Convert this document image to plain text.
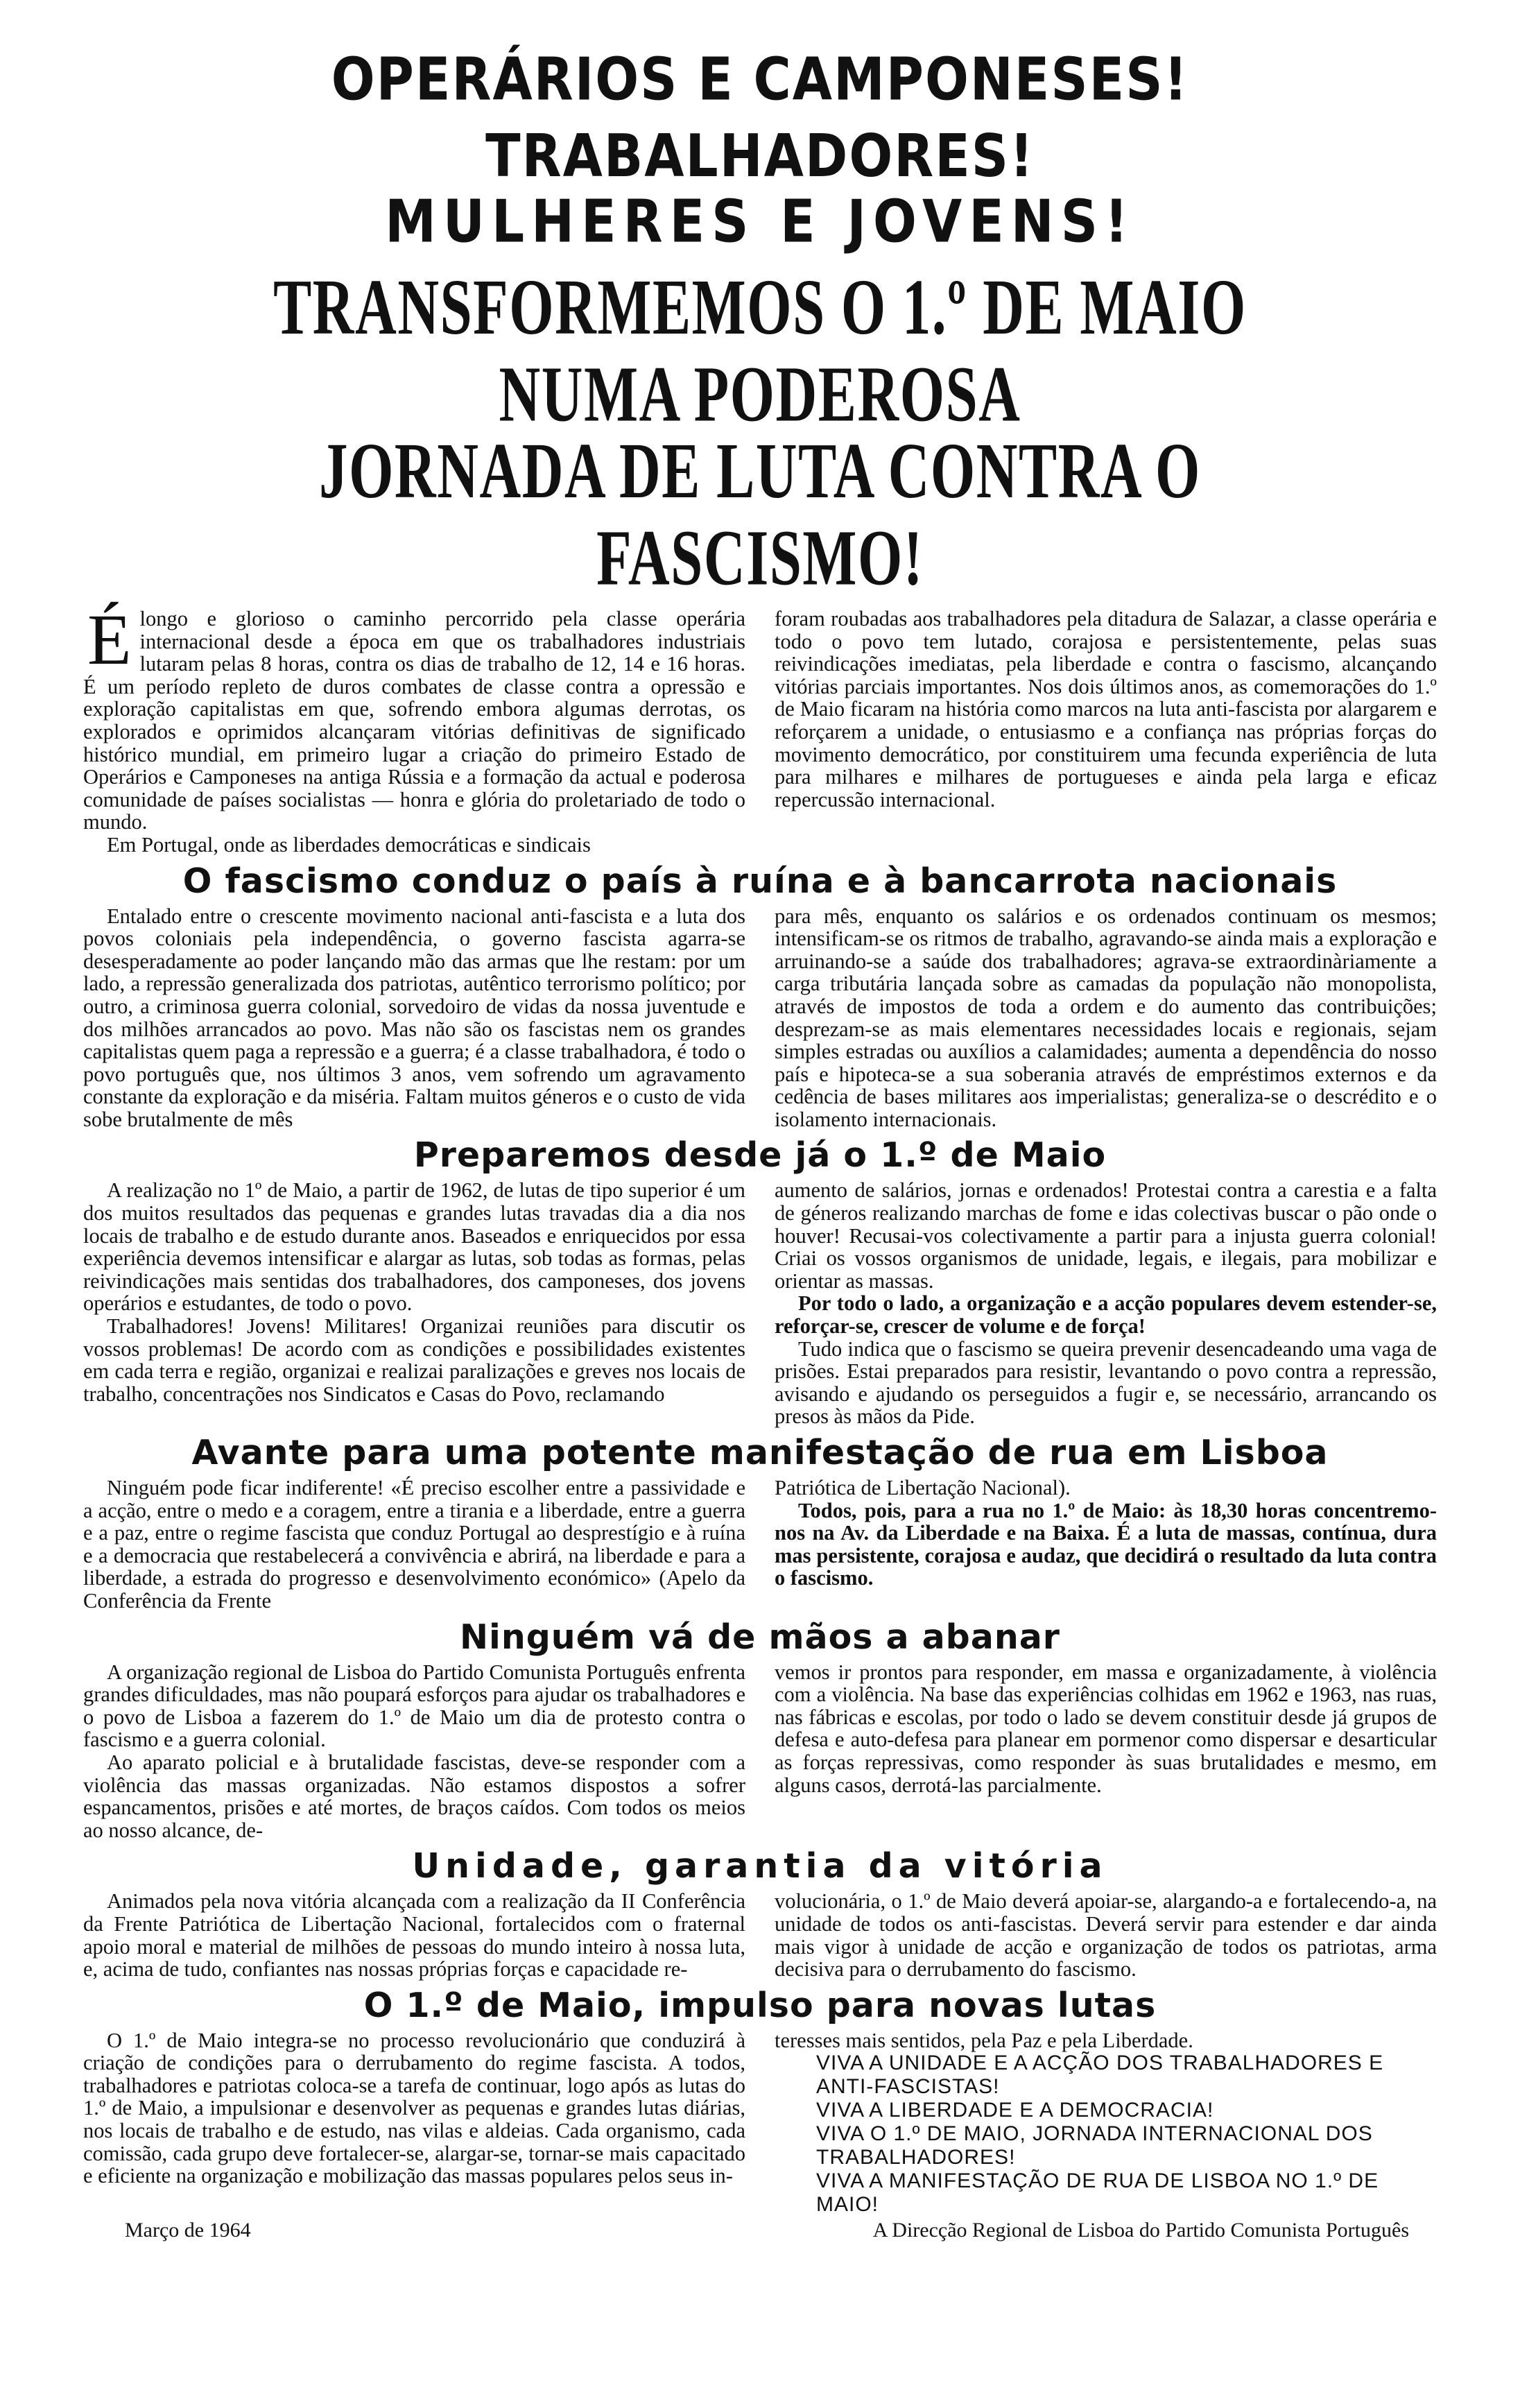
OPERÁRIOS E CAMPONESES! TRABALHADORES!
MULHERES E JOVENS!
TRANSFORMEMOS O 1.º DE MAIO NUMA PODEROSA
JORNADA DE LUTA CONTRA O FASCISMO!

Élongo e glorioso o caminho percorrido pela classe operária internacional desde a época em que os trabalhadores industriais lutaram pelas 8 horas, contra os dias de trabalho de 12, 14 e 16 horas. É um período repleto de duros combates de classe contra a opressão e exploração capitalistas em que, sofrendo embora algumas derrotas, os explorados e oprimidos alcançaram vitórias definitivas de significado histórico mundial, em primeiro lugar a criação do primeiro Estado de Operários e Camponeses na antiga Rússia e a formação da actual e poderosa comunidade de países socialistas — honra e glória do proletariado de todo o mundo.

Em Portugal, onde as liberdades democráticas e sindicais

foram roubadas aos trabalhadores pela ditadura de Salazar, a classe operária e todo o povo tem lutado, corajosa e persistentemente, pelas suas reivindicações imediatas, pela liberdade e contra o fascismo, alcançando vitórias parciais importantes. Nos dois últimos anos, as comemorações do 1.º de Maio ficaram na história como marcos na luta anti-fascista por alargarem e reforçarem a unidade, o entusiasmo e a confiança nas próprias forças do movimento democrático, por constituirem uma fecunda experiência de luta para milhares e milhares de portugueses e ainda pela larga e eficaz repercussão internacional.

O fascismo conduz o país à ruína e à bancarrota nacionais

Entalado entre o crescente movimento nacional anti-fascista e a luta dos povos coloniais pela independência, o governo fascista agarra-se desesperadamente ao poder lançando mão das armas que lhe restam: por um lado, a repressão generalizada dos patriotas, autêntico terrorismo político; por outro, a criminosa guerra colonial, sorvedoiro de vidas da nossa juventude e dos milhões arrancados ao povo. Mas não são os fascistas nem os grandes capitalistas quem paga a repressão e a guerra; é a classe trabalhadora, é todo o povo português que, nos últimos 3 anos, vem sofrendo um agravamento constante da exploração e da miséria. Faltam muitos géneros e o custo de vida sobe brutalmente de mês

para mês, enquanto os salários e os ordenados continuam os mesmos; intensificam-se os ritmos de trabalho, agravando-se ainda mais a exploração e arruinando-se a saúde dos trabalhadores; agrava-se extraordinàriamente a carga tributária lançada sobre as camadas da população não monopolista, através de impostos de toda a ordem e do aumento das contribuições; desprezam-se as mais elementares necessidades locais e regionais, sejam simples estradas ou auxílios a calamidades; aumenta a dependência do nosso país e hipoteca-se a sua soberania através de empréstimos externos e da cedência de bases militares aos imperialistas; generaliza-se o descrédito e o isolamento internacionais.

Preparemos desde já o 1.º de Maio

A realização no 1º de Maio, a partir de 1962, de lutas de tipo superior é um dos muitos resultados das pequenas e grandes lutas travadas dia a dia nos locais de trabalho e de estudo durante anos. Baseados e enriquecidos por essa experiência devemos intensificar e alargar as lutas, sob todas as formas, pelas reivindicações mais sentidas dos trabalhadores, dos camponeses, dos jovens operários e estudantes, de todo o povo.

Trabalhadores! Jovens! Militares! Organizai reuniões para discutir os vossos problemas! De acordo com as condições e possibilidades existentes em cada terra e região, organizai e realizai paralizações e greves nos locais de trabalho, concentrações nos Sindicatos e Casas do Povo, reclamando

aumento de salários, jornas e ordenados! Protestai contra a carestia e a falta de géneros realizando marchas de fome e idas colectivas buscar o pão onde o houver! Recusai-vos colectivamente a partir para a injusta guerra colonial! Criai os vossos organismos de unidade, legais, e ilegais, para mobilizar e orientar as massas.

Por todo o lado, a organização e a acção populares devem estender-se, reforçar-se, crescer de volume e de força!

Tudo indica que o fascismo se queira prevenir desencadeando uma vaga de prisões. Estai preparados para resistir, levantando o povo contra a repressão, avisando e ajudando os perseguidos a fugir e, se necessário, arrancando os presos às mãos da Pide.

Avante para uma potente manifestação de rua em Lisboa

Ninguém pode ficar indiferente! «É preciso escolher entre a passividade e a acção, entre o medo e a coragem, entre a tirania e a liberdade, entre a guerra e a paz, entre o regime fascista que conduz Portugal ao desprestígio e à ruína e a democracia que restabelecerá a convivência e abrirá, na liberdade e para a liberdade, a estrada do progresso e desenvolvimento económico» (Apelo da Conferência da Frente

Patriótica de Libertação Nacional).

Todos, pois, para a rua no 1.º de Maio: às 18,30 horas concentremo-nos na Av. da Liberdade e na Baixa. É a luta de massas, contínua, dura mas persistente, corajosa e audaz, que decidirá o resultado da luta contra o fascismo.

Ninguém vá de mãos a abanar

A organização regional de Lisboa do Partido Comunista Português enfrenta grandes dificuldades, mas não poupará esforços para ajudar os trabalhadores e o povo de Lisboa a fazerem do 1.º de Maio um dia de protesto contra o fascismo e a guerra colonial.

Ao aparato policial e à brutalidade fascistas, deve-se responder com a violência das massas organizadas. Não estamos dispostos a sofrer espancamentos, prisões e até mortes, de braços caídos. Com todos os meios ao nosso alcance, de-

vemos ir prontos para responder, em massa e organizadamente, à violência com a violência. Na base das experiências colhidas em 1962 e 1963, nas ruas, nas fábricas e escolas, por todo o lado se devem constituir desde já grupos de defesa e auto-defesa para planear em pormenor como dispersar e desarticular as forças repressivas, como responder às suas brutalidades e mesmo, em alguns casos, derrotá-las parcialmente.

Unidade, garantia da vitória

Animados pela nova vitória alcançada com a realização da II Conferência da Frente Patriótica de Libertação Nacional, fortalecidos com o fraternal apoio moral e material de milhões de pessoas do mundo inteiro à nossa luta, e, acima de tudo, confiantes nas nossas próprias forças e capacidade re-

volucionária, o 1.º de Maio deverá apoiar-se, alargando-a e fortalecendo-a, na unidade de todos os anti-fascistas. Deverá servir para estender e dar ainda mais vigor à unidade de acção e organização de todos os patriotas, arma decisiva para o derrubamento do fascismo.

O 1.º de Maio, impulso para novas lutas

O 1.º de Maio integra-se no processo revolucionário que conduzirá à criação de condições para o derrubamento do regime fascista. A todos, trabalhadores e patriotas coloca-se a tarefa de continuar, logo após as lutas do 1.º de Maio, a impulsionar e desenvolver as pequenas e grandes lutas diárias, nos locais de trabalho e de estudo, nas vilas e aldeias. Cada organismo, cada comissão, cada grupo deve fortalecer-se, alargar-se, tornar-se mais capacitado e eficiente na organização e mobilização das massas populares pelos seus in-

teresses mais sentidos, pela Paz e pela Liberdade.

VIVA A UNIDADE E A ACÇÃO DOS TRABALHADORES E ANTI-FASCISTAS!

VIVA A LIBERDADE E A DEMOCRACIA!

VIVA O 1.º DE MAIO, JORNADA INTERNACIONAL DOS TRABALHADORES!

VIVA A MANIFESTAÇÃO DE RUA DE LISBOA NO 1.º DE MAIO!

Março de 1964	A Direcção Regional de Lisboa do Partido Comunista Português
